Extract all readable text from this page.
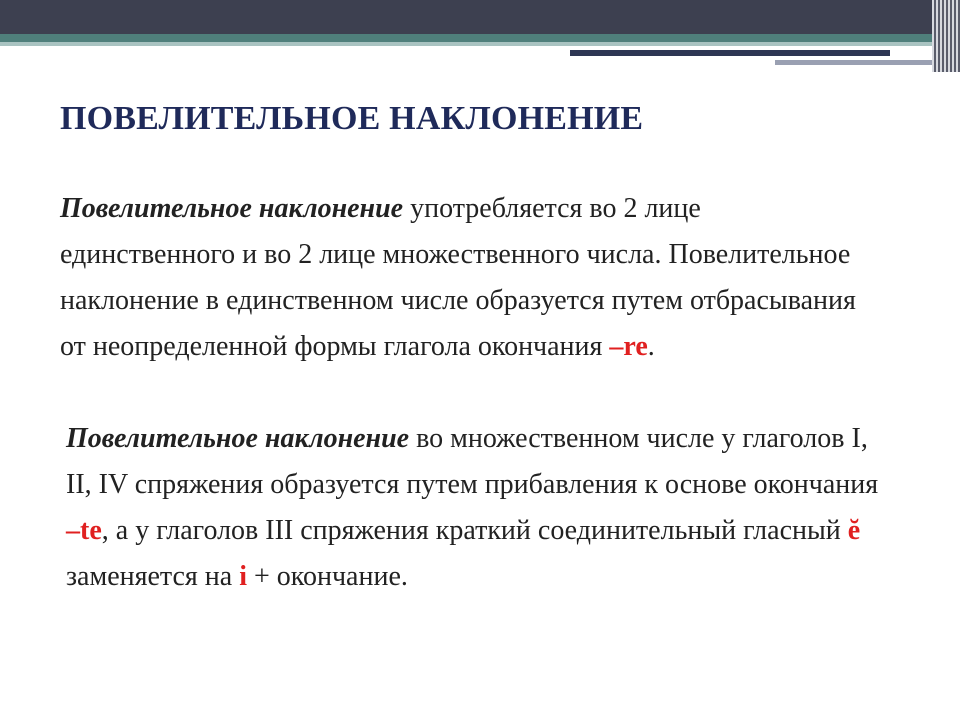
ПОВЕЛИТЕЛЬНОЕ НАКЛОНЕНИЕ

Повелительное наклонение употребляется во 2 лице единственного и во 2 лице множественного числа. Повелительное наклонение в единственном числе образуется путем отбрасывания от неопределенной формы глагола окончания –re.

Повелительное наклонение во множественном числе у глаголов I, II, IV спряжения образуется путем прибавления к основе окончания –te, а у глаголов III спряжения краткий соединительный гласный ĕ заменяется на i + окончание.
